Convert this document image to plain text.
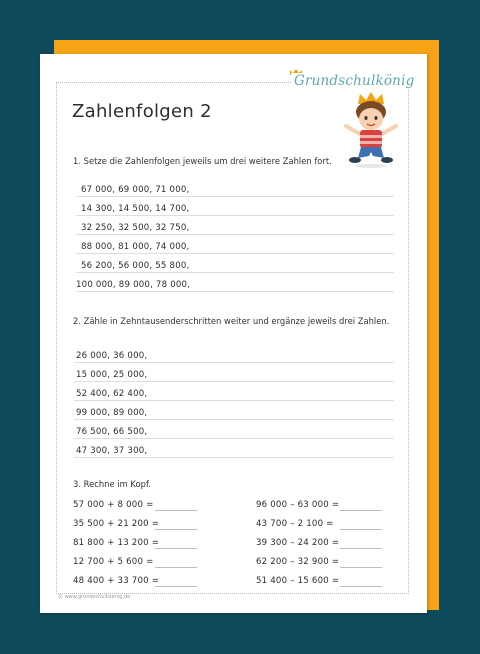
Grundschulkönig
Zahlenfolgen 2
1. Setze die Zahlenfolgen jeweils um drei weitere Zahlen fort.
67 000, 69 000, 71 000,
14 300, 14 500, 14 700,
32 250, 32 500, 32 750,
88 000, 81 000, 74 000,
56 200, 56 000, 55 800,
100 000, 89 000, 78 000,
2. Zähle in Zehntausenderschritten weiter und ergänze jeweils drei Zahlen.
26 000, 36 000,
15 000, 25 000,
52 400, 62 400,
99 000, 89 000,
76 500, 66 500,
47 300, 37 300,
3. Rechne im Kopf.
57 000 + 8 000 =
35 500 + 21 200 =
81 800 + 13 200 =
12 700 + 5 600 =
48 400 + 33 700 =
96 000 – 63 000 =
43 700 – 2 100 =
39 300 – 24 200 =
62 200 – 32 900 =
51 400 – 15 600 =
© www.grundschulkoenig.de
